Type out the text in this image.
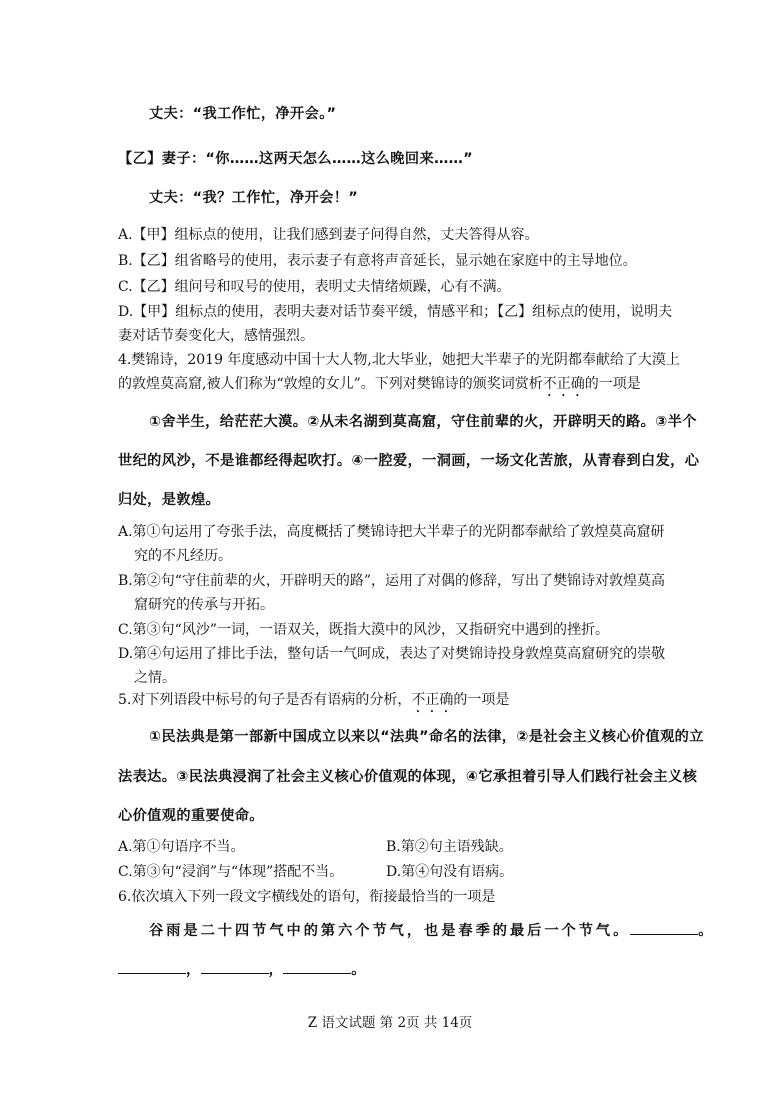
丈夫：“我工作忙，净开会。”
【乙】妻子：“你……这两天怎么……这么晚回来……”
丈夫：“我？工作忙，净开会！”
A.【甲】组标点的使用，让我们感到妻子问得自然，丈夫答得从容。
B.【乙】组省略号的使用，表示妻子有意将声音延长，显示她在家庭中的主导地位。
C.【乙】组问号和叹号的使用，表明丈夫情绪烦躁，心有不满。
D.【甲】组标点的使用，表明夫妻对话节奏平缓，情感平和；【乙】组标点的使用，说明夫
妻对话节奏变化大，感情强烈。
4.樊锦诗，2019 年度感动中国十大人物,北大毕业，她把大半辈子的光阴都奉献给了大漠上
的敦煌莫高窟,被人们称为“敦煌的女儿”。下列对樊锦诗的颁奖词赏析不正确的一项是
①舍半生，给茫茫大漠。②从未名湖到莫高窟，守住前辈的火，开辟明天的路。③半个
世纪的风沙，不是谁都经得起吹打。④一腔爱，一洞画，一场文化苦旅，从青春到白发，心
归处，是敦煌。
A.第①句运用了夸张手法，高度概括了樊锦诗把大半辈子的光阴都奉献给了敦煌莫高窟研
究的不凡经历。
B.第②句“守住前辈的火，开辟明天的路”，运用了对偶的修辞，写出了樊锦诗对敦煌莫高
窟研究的传承与开拓。
C.第③句“风沙”一词，一语双关，既指大漠中的风沙，又指研究中遇到的挫折。
D.第④句运用了排比手法，整句话一气呵成，表达了对樊锦诗投身敦煌莫高窟研究的崇敬
之情。
5.对下列语段中标号的句子是否有语病的分析，不正确的一项是
①民法典是第一部新中国成立以来以“法典”命名的法律，②是社会主义核心价值观的立
法表达。③民法典浸润了社会主义核心价值观的体现，④它承担着引导人们践行社会主义核
心价值观的重要使命。
A.第①句语序不当。	B.第②句主语残缺。
C.第③句“浸润”与“体现”搭配不当。	D.第④句没有语病。
6.依次填入下列一段文字横线处的语句，衔接最恰当的一项是
谷雨是二十四节气中的第六个节气，也是春季的最后一个节气。	。
，	，	。
Z 语文试题 第 2页 共 14页
